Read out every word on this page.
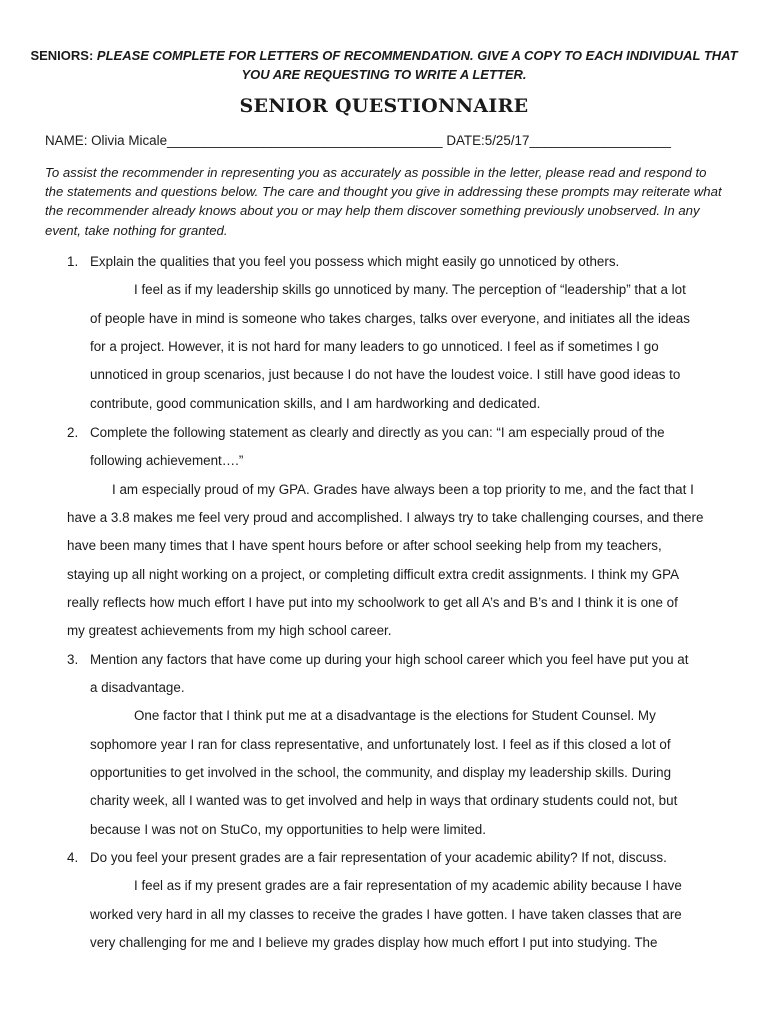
SENIORS: PLEASE COMPLETE FOR LETTERS OF RECOMMENDATION. GIVE A COPY TO EACH INDIVIDUAL THAT
YOU ARE REQUESTING TO WRITE A LETTER.
SENIOR QUESTIONNAIRE
NAME: Olivia Micale_____________________________________ DATE:5/25/17___________________
To assist the recommender in representing you as accurately as possible in the letter, please read and respond to the statements and questions below. The care and thought you give in addressing these prompts may reiterate what the recommender already knows about you or may help them discover something previously unobserved. In any event, take nothing for granted.
1. Explain the qualities that you feel you possess which might easily go unnoticed by others.
I feel as if my leadership skills go unnoticed by many. The perception of “leadership” that a lot
of people have in mind is someone who takes charges, talks over everyone, and initiates all the ideas
for a project. However, it is not hard for many leaders to go unnoticed. I feel as if sometimes I go
unnoticed in group scenarios, just because I do not have the loudest voice. I still have good ideas to
contribute, good communication skills, and I am hardworking and dedicated.
2. Complete the following statement as clearly and directly as you can: “I am especially proud of the
following achievement….”
I am especially proud of my GPA. Grades have always been a top priority to me, and the fact that I
have a 3.8 makes me feel very proud and accomplished. I always try to take challenging courses, and there
have been many times that I have spent hours before or after school seeking help from my teachers,
staying up all night working on a project, or completing difficult extra credit assignments. I think my GPA
really reflects how much effort I have put into my schoolwork to get all A’s and B’s and I think it is one of
my greatest achievements from my high school career.
3. Mention any factors that have come up during your high school career which you feel have put you at
a disadvantage.
One factor that I think put me at a disadvantage is the elections for Student Counsel. My
sophomore year I ran for class representative, and unfortunately lost. I feel as if this closed a lot of
opportunities to get involved in the school, the community, and display my leadership skills. During
charity week, all I wanted was to get involved and help in ways that ordinary students could not, but
because I was not on StuCo, my opportunities to help were limited.
4. Do you feel your present grades are a fair representation of your academic ability? If not, discuss.
I feel as if my present grades are a fair representation of my academic ability because I have
worked very hard in all my classes to receive the grades I have gotten. I have taken classes that are
very challenging for me and I believe my grades display how much effort I put into studying. The
